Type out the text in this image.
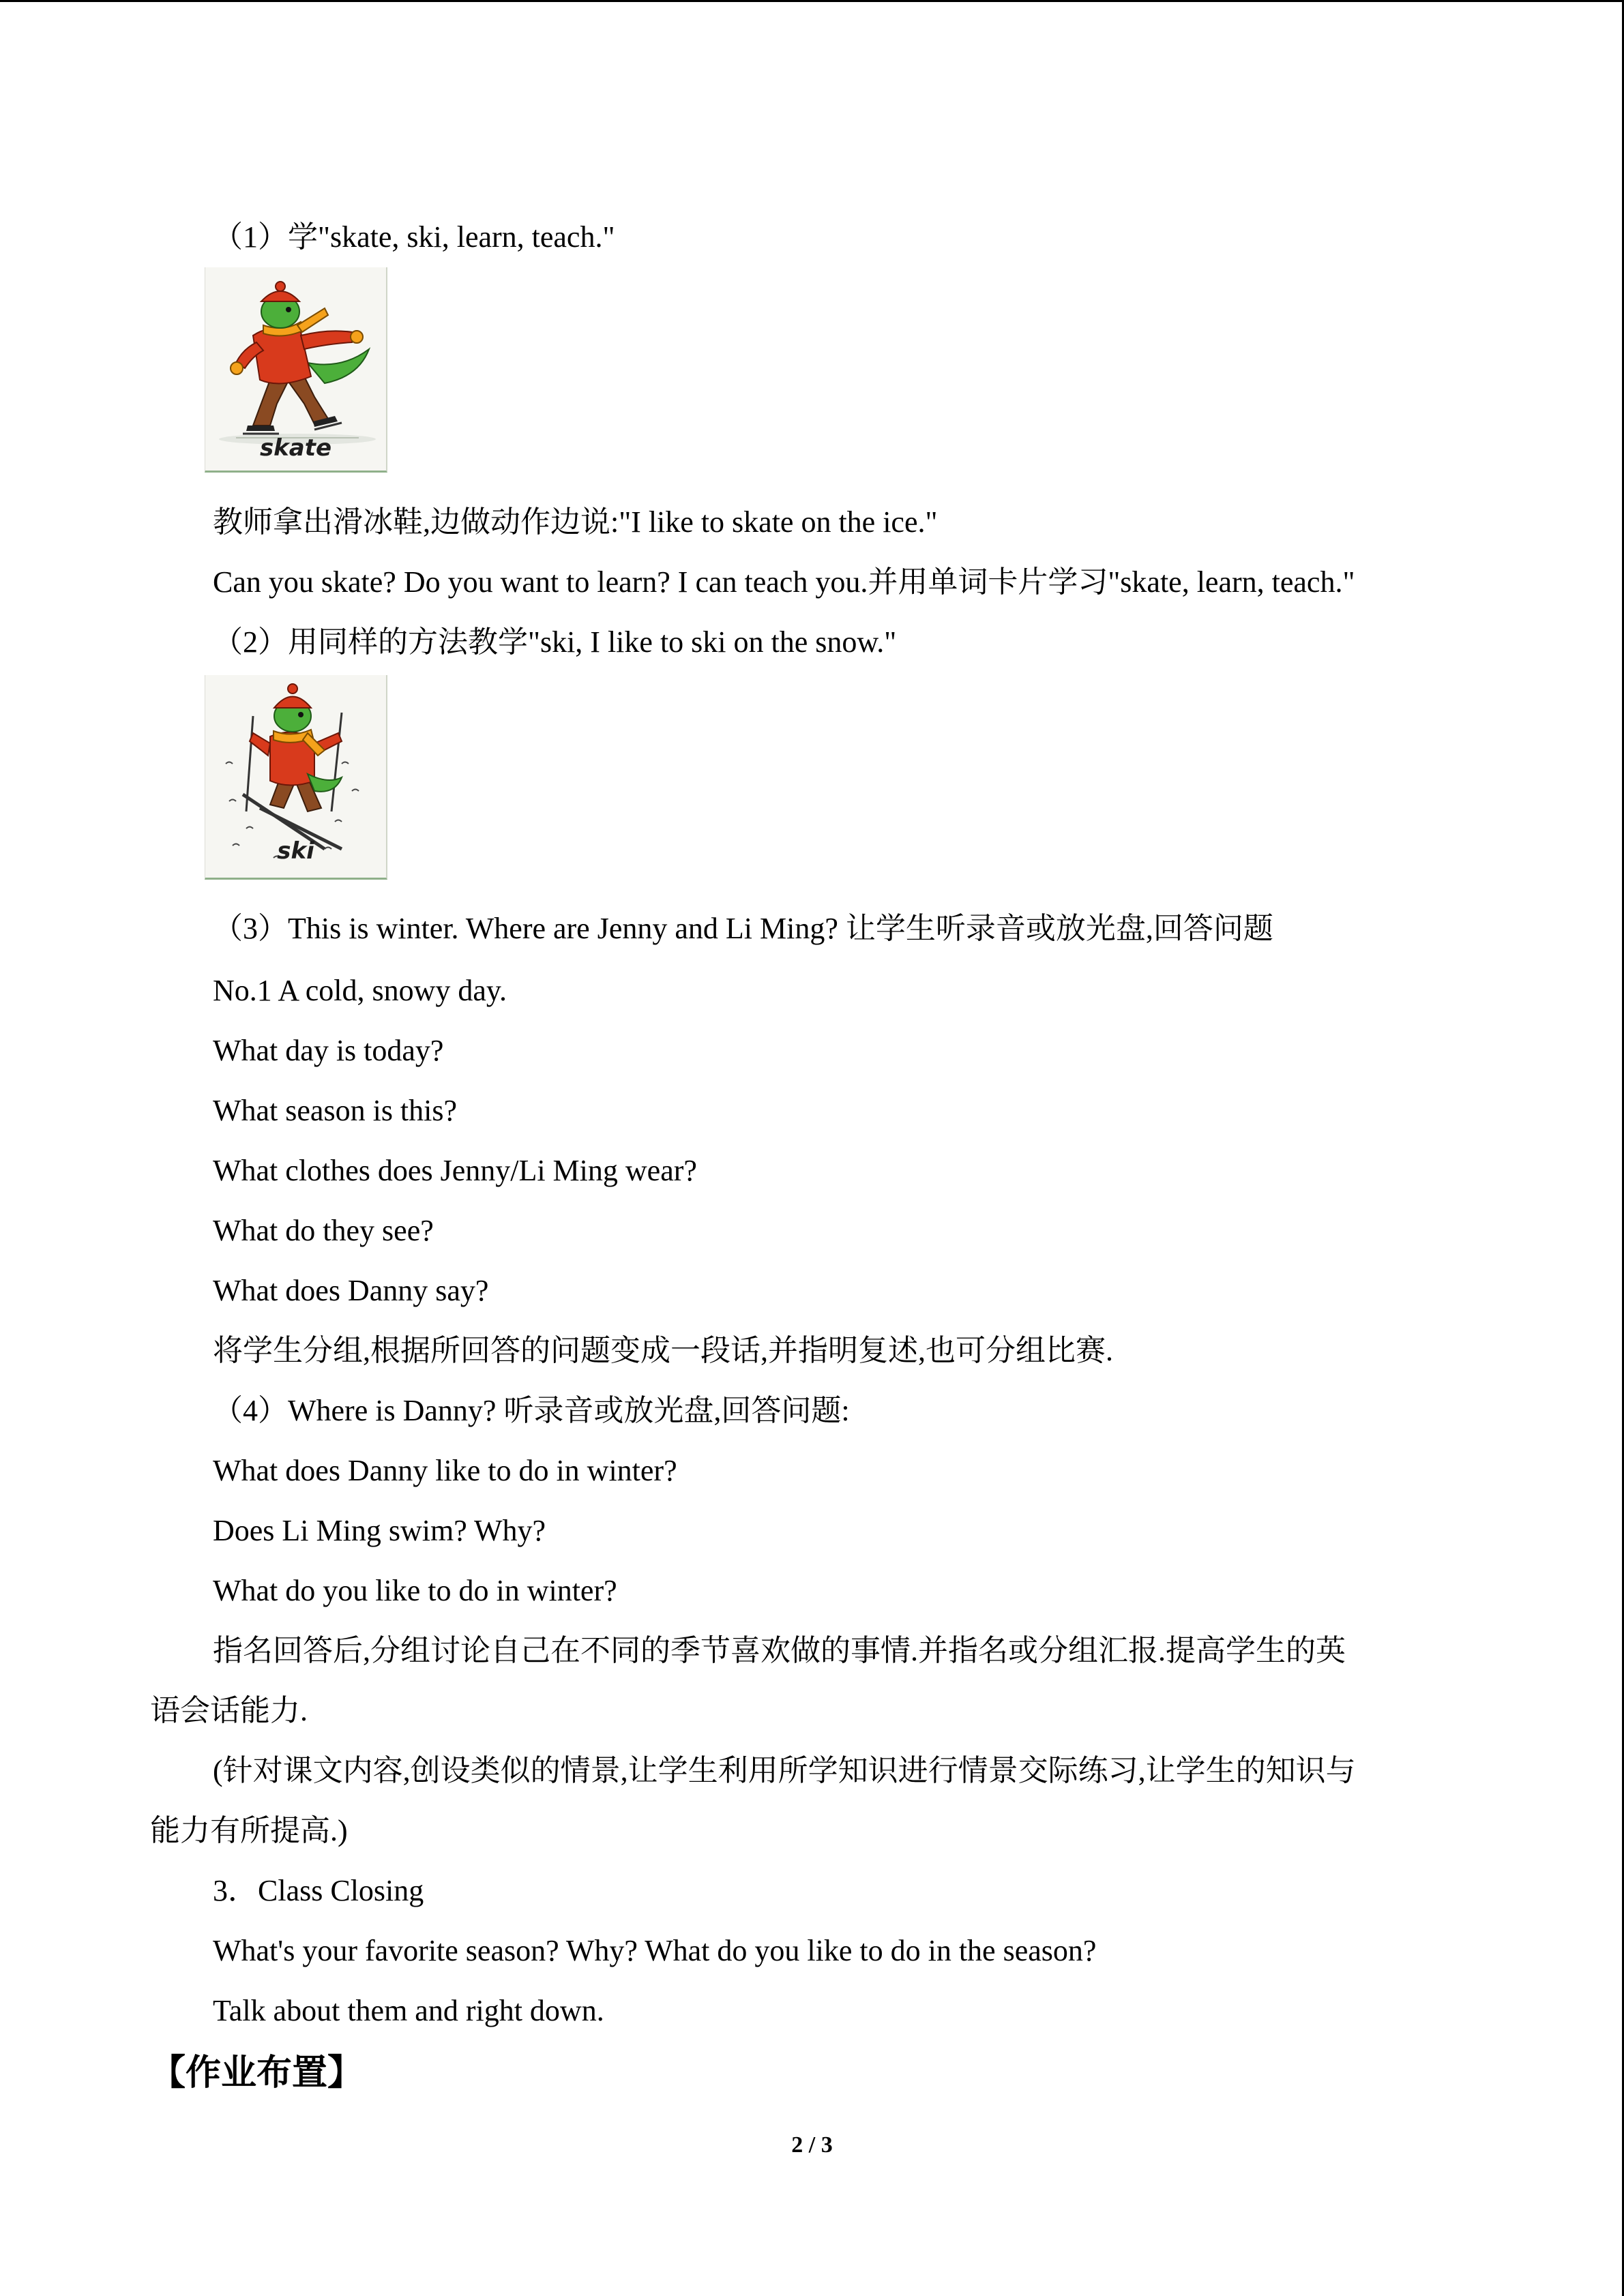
（1）学"skate, ski, learn, teach."
skate
教师拿出滑冰鞋,边做动作边说:"I like to skate on the ice."
Can you skate? Do you want to learn? I can teach you.并用单词卡片学习"skate, learn, teach."
（2）用同样的方法教学"ski, I like to ski on the snow."
ski
（3）This is winter. Where are Jenny and Li Ming? 让学生听录音或放光盘,回答问题
No.1 A cold, snowy day.
What day is today?
What season is this?
What clothes does Jenny/Li Ming wear?
What do they see?
What does Danny say?
将学生分组,根据所回答的问题变成一段话,并指明复述,也可分组比赛.
（4）Where is Danny? 听录音或放光盘,回答问题:
What does Danny like to do in winter?
Does Li Ming swim? Why?
What do you like to do in winter?
指名回答后,分组讨论自己在不同的季节喜欢做的事情.并指名或分组汇报.提高学生的英
语会话能力.
(针对课文内容,创设类似的情景,让学生利用所学知识进行情景交际练习,让学生的知识与
能力有所提高.)
3．Class Closing
What's your favorite season? Why? What do you like to do in the season?
Talk about them and right down.
【作业布置】
2 / 3
